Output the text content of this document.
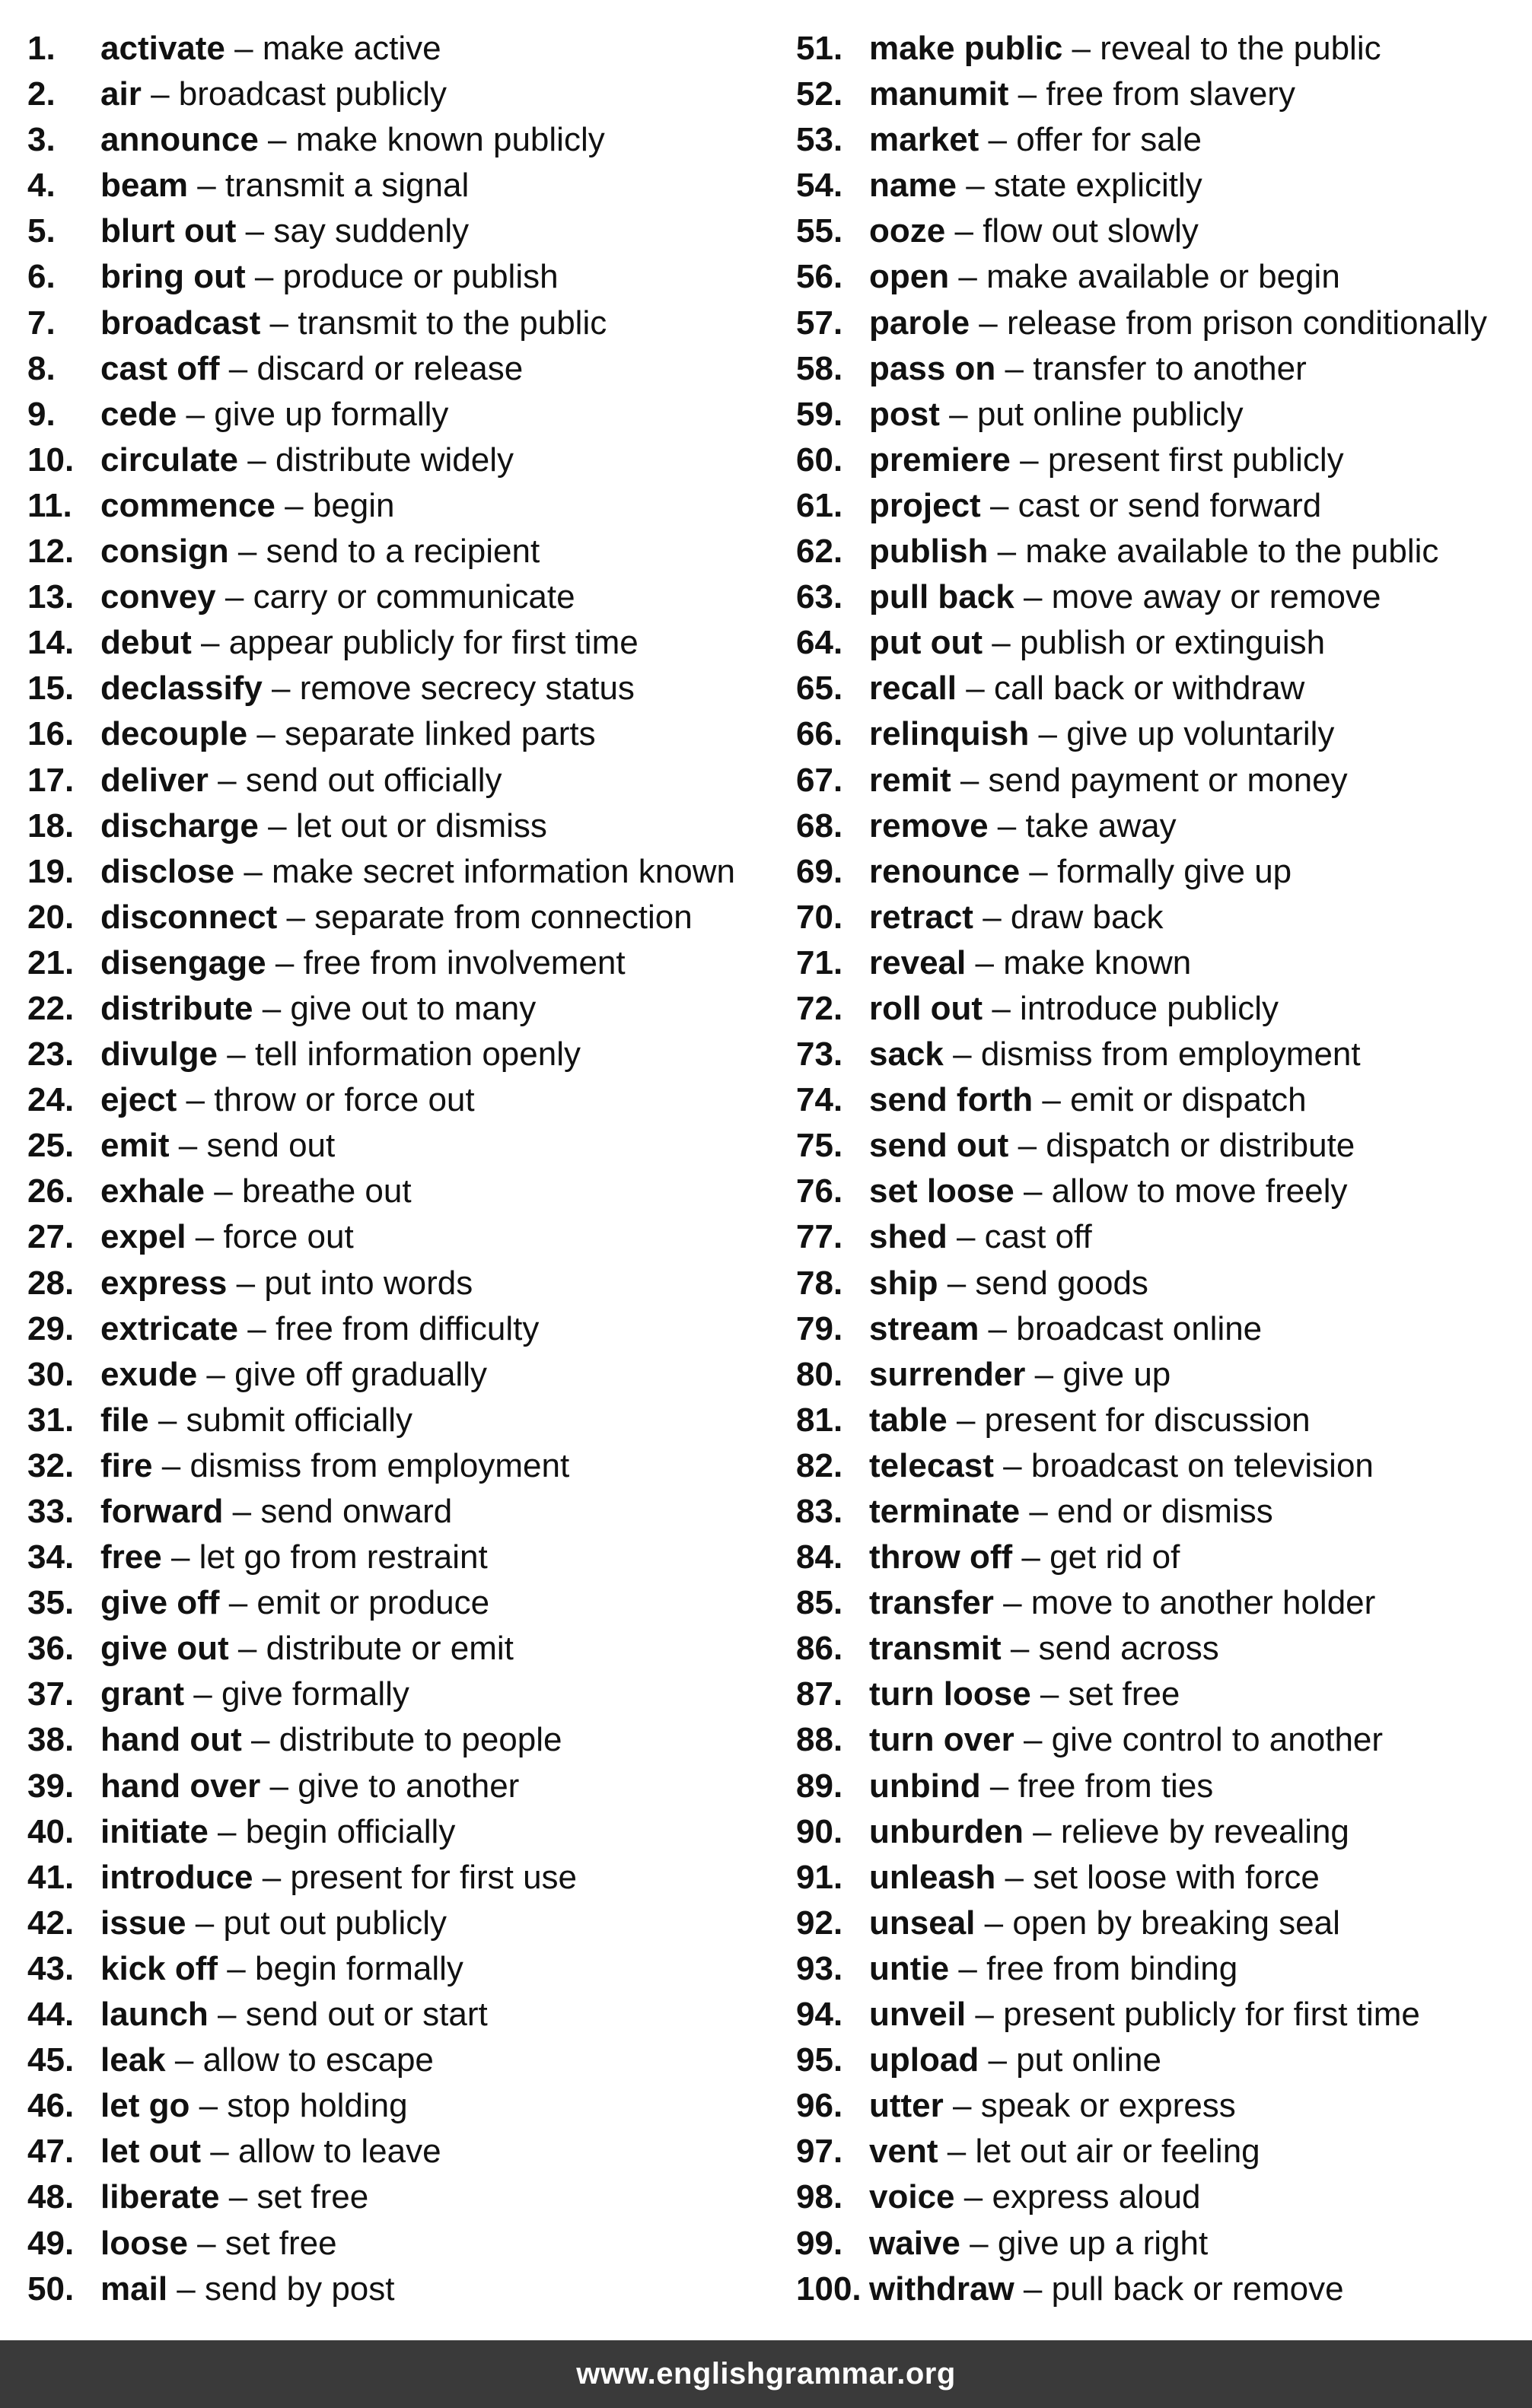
1. activate – make active
2. air – broadcast publicly
3. announce – make known publicly
4. beam – transmit a signal
5. blurt out – say suddenly
6. bring out – produce or publish
7. broadcast – transmit to the public
8. cast off – discard or release
9. cede – give up formally
10. circulate – distribute widely
11. commence – begin
12. consign – send to a recipient
13. convey – carry or communicate
14. debut – appear publicly for first time
15. declassify – remove secrecy status
16. decouple – separate linked parts
17. deliver – send out officially
18. discharge – let out or dismiss
19. disclose – make secret information known
20. disconnect – separate from connection
21. disengage – free from involvement
22. distribute – give out to many
23. divulge – tell information openly
24. eject – throw or force out
25. emit – send out
26. exhale – breathe out
27. expel – force out
28. express – put into words
29. extricate – free from difficulty
30. exude – give off gradually
31. file – submit officially
32. fire – dismiss from employment
33. forward – send onward
34. free – let go from restraint
35. give off – emit or produce
36. give out – distribute or emit
37. grant – give formally
38. hand out – distribute to people
39. hand over – give to another
40. initiate – begin officially
41. introduce – present for first use
42. issue – put out publicly
43. kick off – begin formally
44. launch – send out or start
45. leak – allow to escape
46. let go – stop holding
47. let out – allow to leave
48. liberate – set free
49. loose – set free
50. mail – send by post
51. make public – reveal to the public
52. manumit – free from slavery
53. market – offer for sale
54. name – state explicitly
55. ooze – flow out slowly
56. open – make available or begin
57. parole – release from prison conditionally
58. pass on – transfer to another
59. post – put online publicly
60. premiere – present first publicly
61. project – cast or send forward
62. publish – make available to the public
63. pull back – move away or remove
64. put out – publish or extinguish
65. recall – call back or withdraw
66. relinquish – give up voluntarily
67. remit – send payment or money
68. remove – take away
69. renounce – formally give up
70. retract – draw back
71. reveal – make known
72. roll out – introduce publicly
73. sack – dismiss from employment
74. send forth – emit or dispatch
75. send out – dispatch or distribute
76. set loose – allow to move freely
77. shed – cast off
78. ship – send goods
79. stream – broadcast online
80. surrender – give up
81. table – present for discussion
82. telecast – broadcast on television
83. terminate – end or dismiss
84. throw off – get rid of
85. transfer – move to another holder
86. transmit – send across
87. turn loose – set free
88. turn over – give control to another
89. unbind – free from ties
90. unburden – relieve by revealing
91. unleash – set loose with force
92. unseal – open by breaking seal
93. untie – free from binding
94. unveil – present publicly for first time
95. upload – put online
96. utter – speak or express
97. vent – let out air or feeling
98. voice – express aloud
99. waive – give up a right
100. withdraw – pull back or remove
www.englishgrammar.org
